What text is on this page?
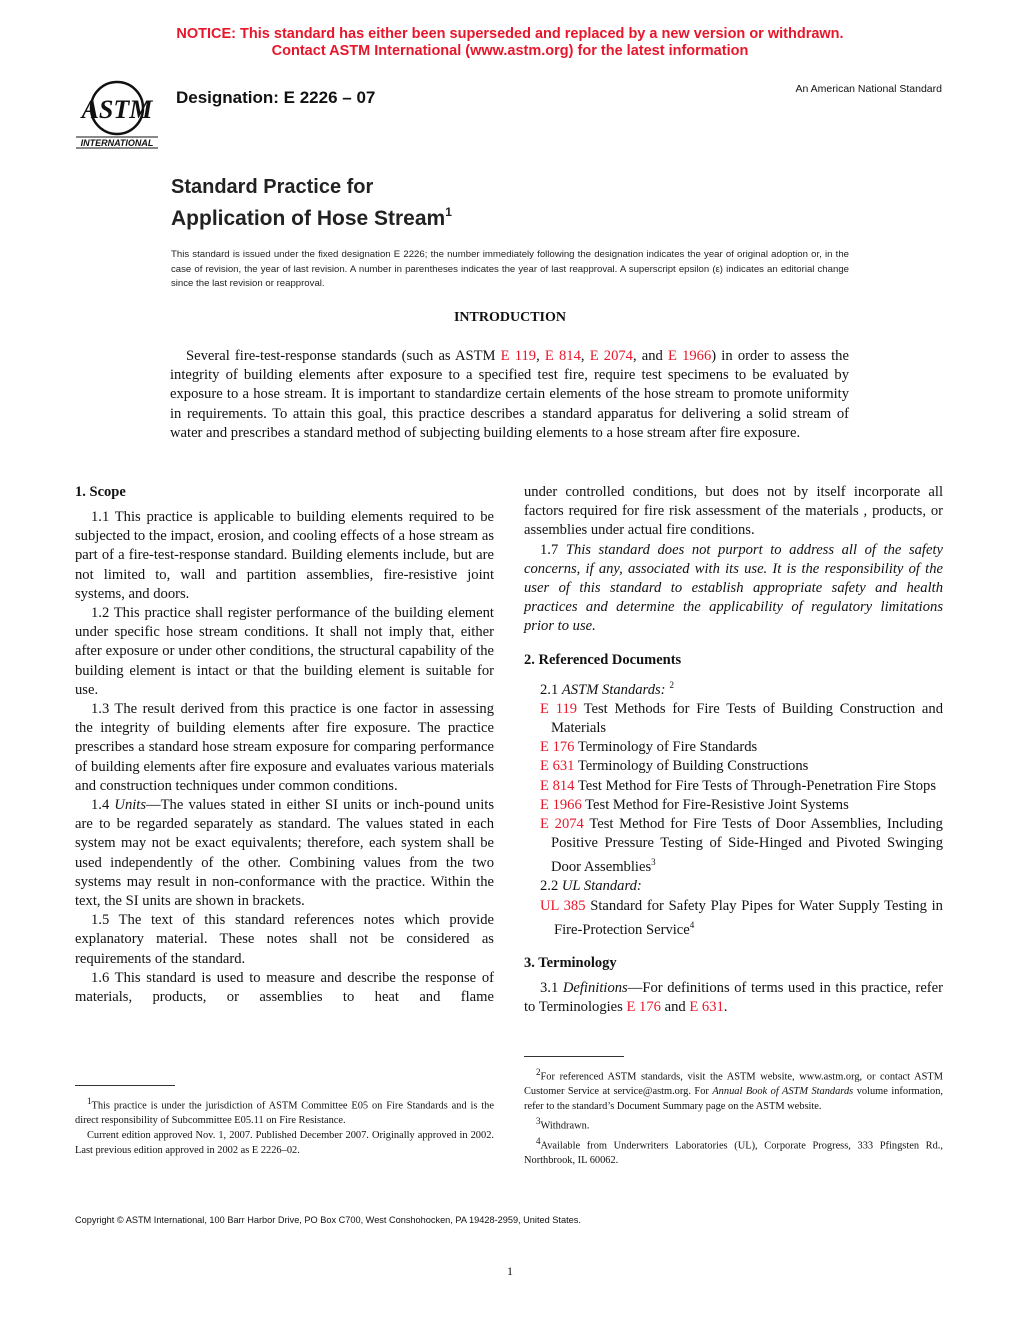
NOTICE: This standard has either been superseded and replaced by a new version or withdrawn.
Contact ASTM International (www.astm.org) for the latest information
ASTM
INTERNATIONAL
Designation: E 2226 – 07	An American National Standard
Standard Practice for
Application of Hose Stream$^1$
This standard is issued under the fixed designation E 2226; the number immediately following the designation indicates the year of original adoption or, in the case of revision, the year of last revision. A number in parentheses indicates the year of last reapproval. A superscript epsilon (ε) indicates an editorial change since the last revision or reapproval.
INTRODUCTION
Several fire-test-response standards (such as ASTM E 119, E 814, E 2074, and E 1966) in order to assess the integrity of building elements after exposure to a specified test fire, require test specimens to be evaluated by exposure to a hose stream. It is important to standardize certain elements of the hose stream to promote uniformity in requirements. To attain this goal, this practice describes a standard apparatus for delivering a solid stream of water and prescribes a standard method of subjecting building elements to a hose stream after fire exposure.
1. Scope

1.1 This practice is applicable to building elements required to be subjected to the impact, erosion, and cooling effects of a hose stream as part of a fire-test-response standard. Building elements include, but are not limited to, wall and partition assemblies, fire-resistive joint systems, and doors.

1.2 This practice shall register performance of the building element under specific hose stream conditions. It shall not imply that, either after exposure or under other conditions, the structural capability of the building element is intact or that the building element is suitable for use.

1.3 The result derived from this practice is one factor in assessing the integrity of building elements after fire exposure. The practice prescribes a standard hose stream exposure for comparing performance of building elements after fire exposure and evaluates various materials and construction techniques under common conditions.

1.4 Units—The values stated in either SI units or inch-pound units are to be regarded separately as standard. The values stated in each system may not be exact equivalents; therefore, each system shall be used independently of the other. Combining values from the two systems may result in non-conformance with the practice. Within the text, the SI units are shown in brackets.

1.5 The text of this standard references notes which provide explanatory material. These notes shall not be considered as requirements of the standard.

1.6 This standard is used to measure and describe the response of materials, products, or assemblies to heat and flame

$^1$This practice is under the jurisdiction of ASTM Committee E05 on Fire Standards and is the direct responsibility of Subcommittee E05.11 on Fire Resistance.

Current edition approved Nov. 1, 2007. Published December 2007. Originally approved in 2002. Last previous edition approved in 2002 as E 2226–02.

under controlled conditions, but does not by itself incorporate all factors required for fire risk assessment of the materials , products, or assemblies under actual fire conditions.

1.7 This standard does not purport to address all of the safety concerns, if any, associated with its use. It is the responsibility of the user of this standard to establish appropriate safety and health practices and determine the applicability of regulatory limitations prior to use.

2. Referenced Documents

2.1 ASTM Standards: $^2$

E 119 Test Methods for Fire Tests of Building Construction and Materials

E 176 Terminology of Fire Standards

E 631 Terminology of Building Constructions

E 814 Test Method for Fire Tests of Through-Penetration Fire Stops

E 1966 Test Method for Fire-Resistive Joint Systems

E 2074 Test Method for Fire Tests of Door Assemblies, Including Positive Pressure Testing of Side-Hinged and Pivoted Swinging Door Assemblies$^3$

2.2 UL Standard:

UL 385 Standard for Safety Play Pipes for Water Supply Testing in Fire-Protection Service$^4$

3. Terminology

3.1 Definitions—For definitions of terms used in this practice, refer to Terminologies E 176 and E 631.

$^2$For referenced ASTM standards, visit the ASTM website, www.astm.org, or contact ASTM Customer Service at service@astm.org. For Annual Book of ASTM Standards volume information, refer to the standard’s Document Summary page on the ASTM website.

$^3$Withdrawn.

$^4$Available from Underwriters Laboratories (UL), Corporate Progress, 333 Pfingsten Rd., Northbrook, IL 60062.

Copyright © ASTM International, 100 Barr Harbor Drive, PO Box C700, West Conshohocken, PA 19428-2959, United States.
1
